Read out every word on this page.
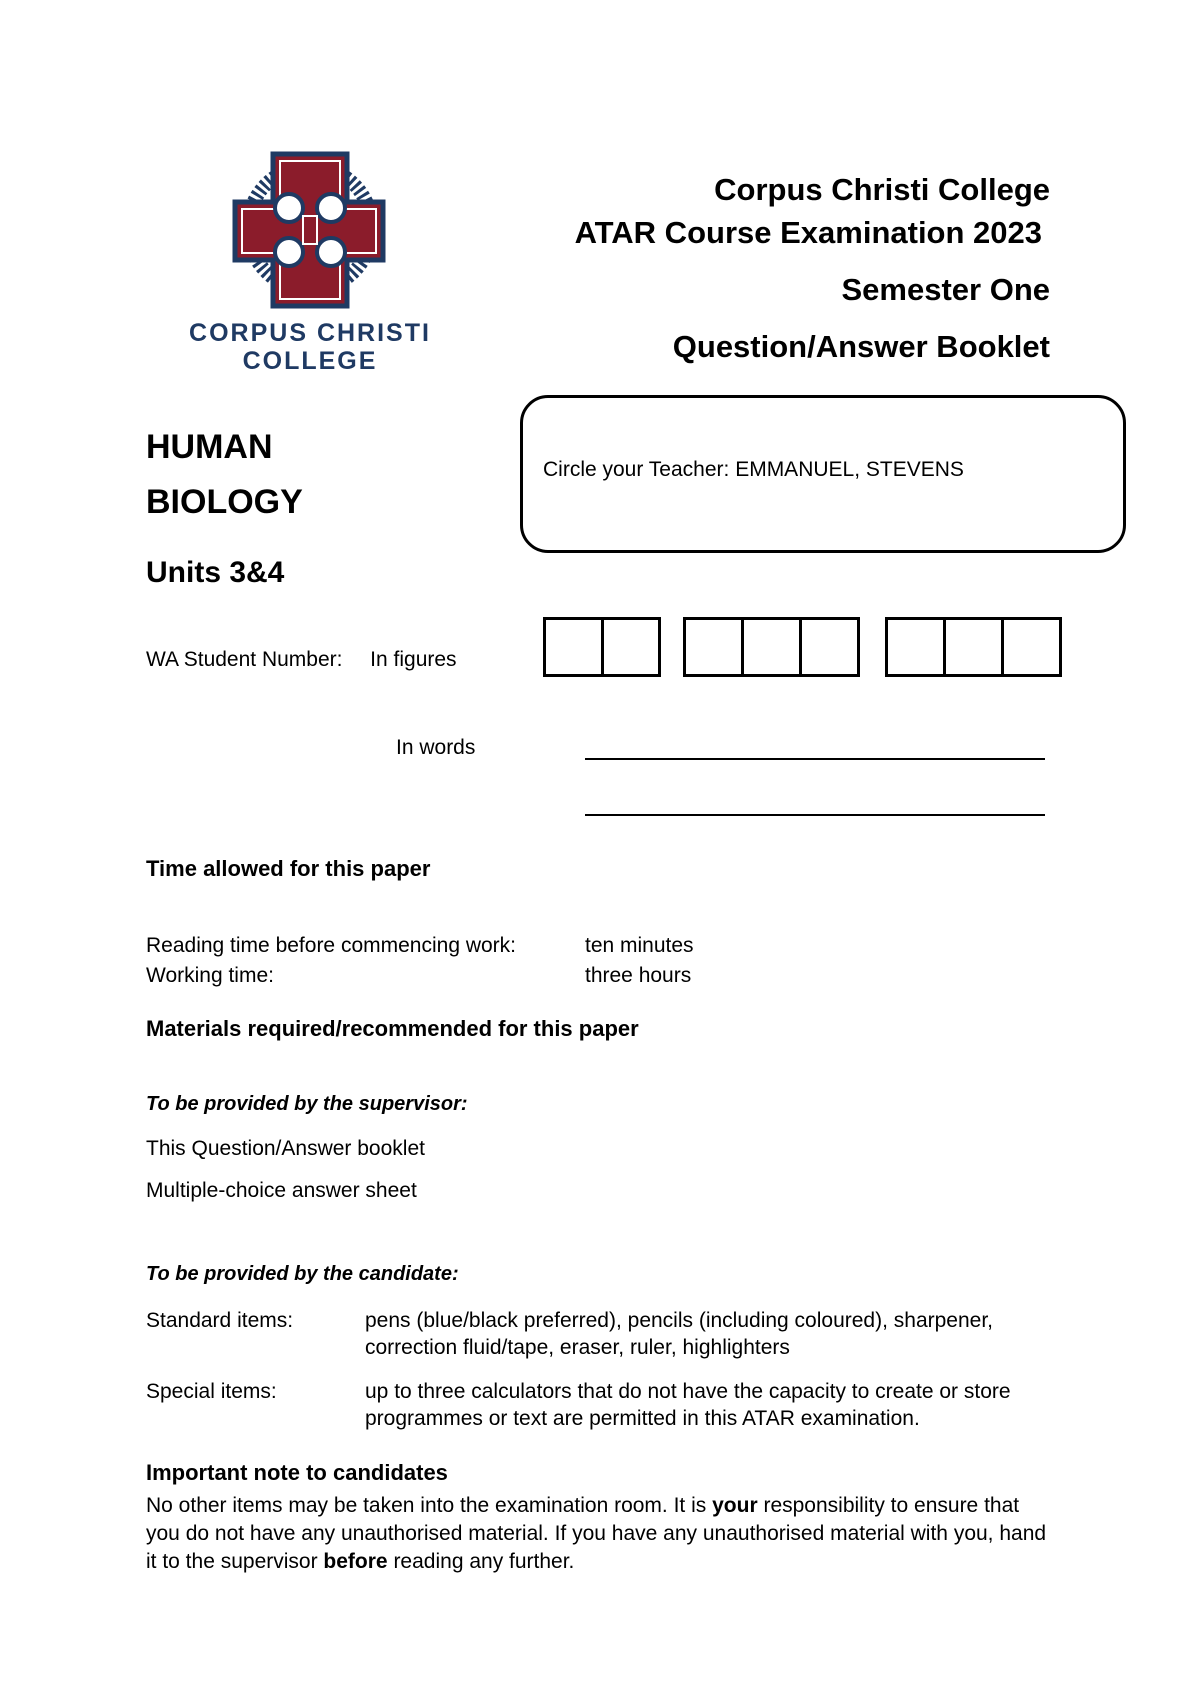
CORPUS CHRISTI
COLLEGE
Corpus Christi College
ATAR Course Examination 2023
Semester One
Question/Answer Booklet
HUMAN
BIOLOGY
Units 3&4
Circle your Teacher: EMMANUEL, STEVENS
WA Student Number: In figures
In words
Time allowed for this paper
Reading time before commencing work:	ten minutes
Working time:	three hours
Materials required/recommended for this paper
To be provided by the supervisor:
This Question/Answer booklet
Multiple-choice answer sheet
To be provided by the candidate:
Standard items:	pens (blue/black preferred), pencils (including coloured), sharpener,
correction fluid/tape, eraser, ruler, highlighters
Special items:	up to three calculators that do not have the capacity to create or store
programmes or text are permitted in this ATAR examination.
Important note to candidates
No other items may be taken into the examination room. It is your responsibility to ensure that
you do not have any unauthorised material. If you have any unauthorised material with you, hand
it to the supervisor before reading any further.
